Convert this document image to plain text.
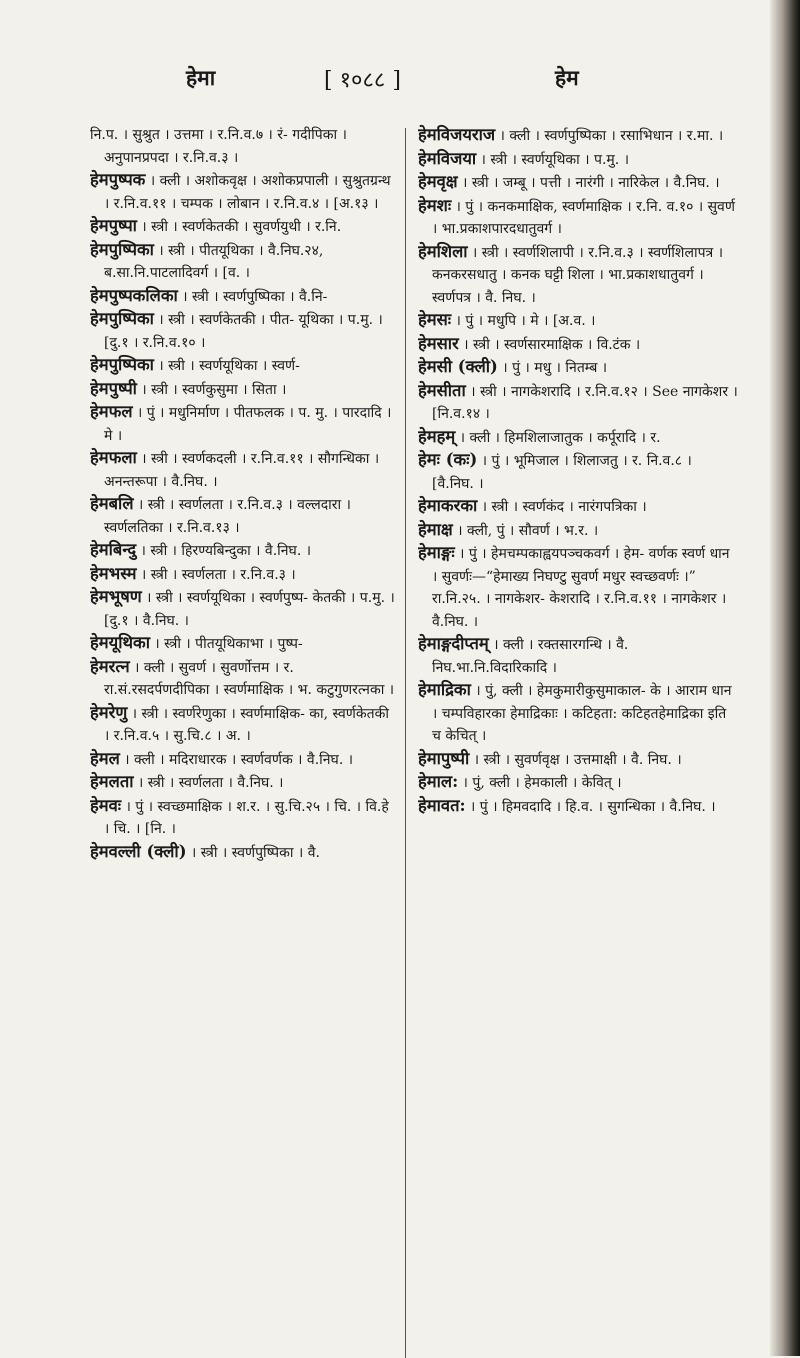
हेमा	[ १०८८ ]	हेम

नि.प. । सुश्रुत । उत्तमा । र.नि.व.७ । रं- गदीपिका । अनुपानप्रपदा । र.नि.व.३ ।

हेमपुष्पक । क्ली । अशोकवृक्ष । अशोकप्रपाली । सुश्रुतग्रन्थ । र.नि.व.११ । चम्पक । लोबान । र.नि.व.४ । [अ.१३ ।

हेमपुष्पा । स्त्री । स्वर्णकेतकी । सुवर्णयुथी । र.नि.

हेमपुष्पिका । स्त्री । पीतयूथिका । वै.निघ.२४, ब.सा.नि.पाटलादिवर्ग । [व. ।

हेमपुष्पकलिका । स्त्री । स्वर्णपुष्पिका । वै.नि-

हेमपुष्पिका । स्त्री । स्वर्णकेतकी । पीत- यूथिका । प.मु. । [दु.१ । र.नि.व.१० ।

हेमपुष्पिका । स्त्री । स्वर्णयूथिका । स्वर्ण-

हेमपुष्पी । स्त्री । स्वर्णकुसुमा । सिता ।

हेमफल । पुं । मधुनिर्माण । पीतफलक । प. मु. । पारदादि । मे ।

हेमफला । स्त्री । स्वर्णकदली । र.नि.व.११ । सौगन्धिका । अनन्तरूपा । वै.निघ. ।

हेमबलि । स्त्री । स्वर्णलता । र.नि.व.३ । वल्लदारा । स्वर्णलतिका । र.नि.व.१३ ।

हेमबिन्दु । स्त्री । हिरण्यबिन्दुका । वै.निघ. ।

हेमभस्म । स्त्री । स्वर्णलता । र.नि.व.३ ।

हेमभूषण । स्त्री । स्वर्णयूथिका । स्वर्णपुष्प- केतकी । प.मु. । [दु.१ । वै.निघ. ।

हेमयूथिका । स्त्री । पीतयूथिकाभा । पुष्प-

हेमरत्न । क्ली । सुवर्ण । सुवर्णोत्तम । र. रा.सं.रसदर्पणदीपिका । स्वर्णमाक्षिक । भ. कटुगुणरत्नका ।

हेमरेणु । स्त्री । स्वर्णरेणुका । स्वर्णमाक्षिक- का, स्वर्णकेतकी । र.नि.व.५ । सु.चि.८ । अ. ।

हेमल । क्ली । मदिराधारक । स्वर्णवर्णक । वै.निघ. ।

हेमलता । स्त्री । स्वर्णलता । वै.निघ. ।

हेमवः । पुं । स्वच्छमाक्षिक । श.र. । सु.चि.२५ । चि. । वि.हे । चि. । [नि. ।

हेमवल्ली (क्ली) । स्त्री । स्वर्णपुष्पिका । वै.

हेमविजयराज । क्ली । स्वर्णपुष्पिका । रसाभिधान । र.मा. ।

हेमविजया । स्त्री । स्वर्णयूथिका । प.मु. ।

हेमवृक्ष । स्त्री । जम्बू । पत्ती । नारंगी । नारिकेल । वै.निघ. ।

हेमशः । पुं । कनकमाक्षिक, स्वर्णमाक्षिक । र.नि. व.१० । सुवर्ण । भा.प्रकाशपारदधातुवर्ग ।

हेमशिला । स्त्री । स्वर्णशिलापी । र.नि.व.३ । स्वर्णशिलापत्र । कनकरसधातु । कनक घट्टी शिला । भा.प्रकाशधातुवर्ग । स्वर्णपत्र । वै. निघ. ।

हेमसः । पुं । मधुपि । मे । [अ.व. ।

हेमसार । स्त्री । स्वर्णसारमाक्षिक । वि.टंक ।

हेमसी (क्ली) । पुं । मधु । नितम्ब ।

हेमसीता । स्त्री । नागकेशरादि । र.नि.व.१२ । See नागकेशर । [नि.व.१४ ।

हेमहम् । क्ली । हिमशिलाजातुक । कर्पूरादि । र.

हेमः (कः) । पुं । भूमिजाल । शिलाजतु । र. नि.व.८ । [वै.निघ. ।

हेमाकरका । स्त्री । स्वर्णकंद । नारंगपत्रिका ।

हेमाक्ष । क्ली, पुं । सौवर्ण । भ.र. ।

हेमाङ्गः । पुं । हेमचम्पकाह्वयपञ्चकवर्ग । हेम- वर्णक स्वर्ण धान । सुवर्णः—“हेमाख्य निघण्टु सुवर्ण मधुर स्वच्छवर्णः ।” रा.नि.२५. । नागकेशर- केशरादि । र.नि.व.११ । नागकेशर । वै.निघ. ।

हेमाङ्गदीप्तम् । क्ली । रक्तसारगन्धि । वै. निघ.भा.नि.विदारिकादि ।

हेमाद्रिका । पुं, क्ली । हेमकुमारीकुसुमाकाल- के । आराम धान । चम्पविहारका हेमाद्रिकाः । कटिहता: कटिहतहेमाद्रिका इति च केचित् ।

हेमापुष्पी । स्त्री । सुवर्णवृक्ष । उत्तमाक्षी । वै. निघ. ।

हेमाल: । पुं, क्ली । हेमकाली । केवित् ।

हेमावत: । पुं । हिमवदादि । हि.व. । सुगन्धिका । वै.निघ. ।
